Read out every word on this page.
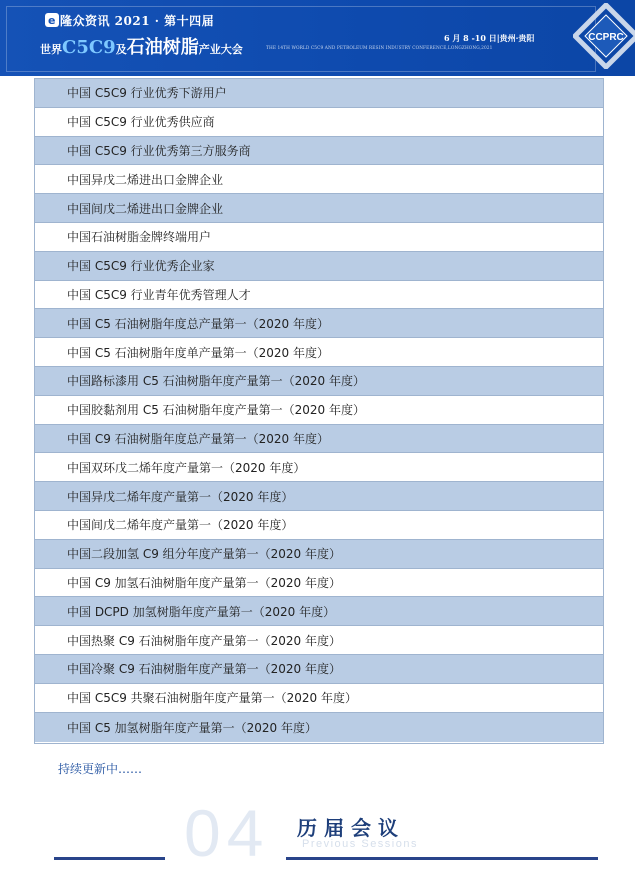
e 隆众资讯 2021 · 第十四届
世界 C5C9 及 石油树脂 产业大会
6 月 8 -10 日|贵州·贵阳
THE 14TH WORLD C5C9 AND PETROLEUM RESIN INDUSTRY CONFERENCE,LONGZHONG,2021
CCPRC
中国 C5C9 行业优秀下游用户
中国 C5C9 行业优秀供应商
中国 C5C9 行业优秀第三方服务商
中国异戊二烯进出口金牌企业
中国间戊二烯进出口金牌企业
中国石油树脂金牌终端用户
中国 C5C9 行业优秀企业家
中国 C5C9 行业青年优秀管理人才
中国 C5 石油树脂年度总产量第一（2020 年度）
中国 C5 石油树脂年度单产量第一（2020 年度）
中国路标漆用 C5 石油树脂年度产量第一（2020 年度）
中国胶黏剂用 C5 石油树脂年度产量第一（2020 年度）
中国 C9 石油树脂年度总产量第一（2020 年度）
中国双环戊二烯年度产量第一（2020 年度）
中国异戊二烯年度产量第一（2020 年度）
中国间戊二烯年度产量第一（2020 年度）
中国二段加氢 C9 组分年度产量第一（2020 年度）
中国 C9 加氢石油树脂年度产量第一（2020 年度）
中国 DCPD 加氢树脂年度产量第一（2020 年度）
中国热聚 C9 石油树脂年度产量第一（2020 年度）
中国冷聚 C9 石油树脂年度产量第一（2020 年度）
中国 C5C9 共聚石油树脂年度产量第一（2020 年度）
中国 C5 加氢树脂年度产量第一（2020 年度）
持续更新中……
04 历届会议
Previous Sessions
